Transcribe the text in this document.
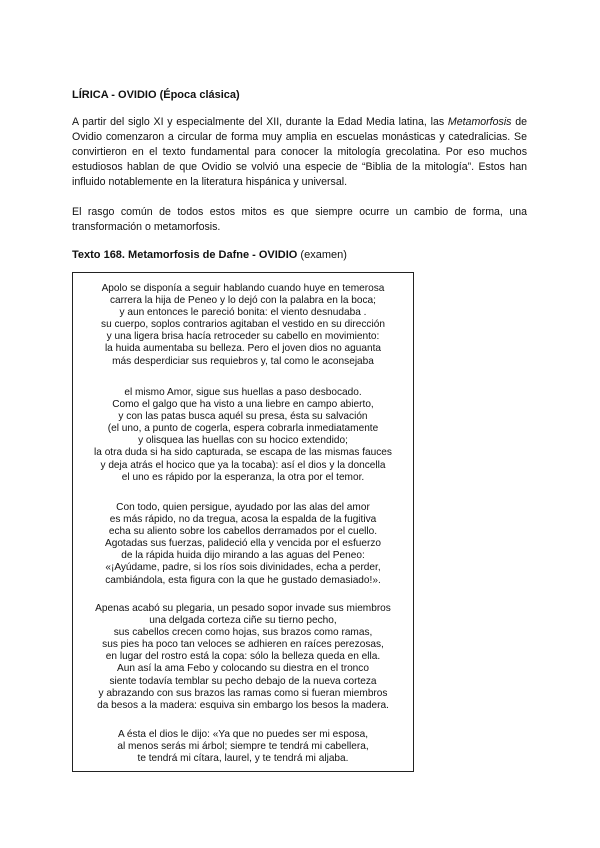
LÍRICA - OVIDIO (Época clásica)
A partir del siglo XI y especialmente del XII, durante la Edad Media latina, las Metamorfosis de Ovidio comenzaron a circular de forma muy amplia en escuelas monásticas y catedralicias. Se convirtieron en el texto fundamental para conocer la mitología grecolatina. Por eso muchos estudiosos hablan de que Ovidio se volvió una especie de “Biblia de la mitología”. Estos han influido notablemente en la literatura hispánica y universal.
El rasgo común de todos estos mitos es que siempre ocurre un cambio de forma, una transformación o metamorfosis.
Texto 168. Metamorfosis de Dafne - OVIDIO (examen)
Apolo se disponía a seguir hablando cuando huye en temerosa
carrera la hija de Peneo y lo dejó con la palabra en la boca;
y aun entonces le pareció bonita: el viento desnudaba .
su cuerpo, soplos contrarios agitaban el vestido en su dirección
y una ligera brisa hacía retroceder su cabello en movimiento:
la huida aumentaba su belleza. Pero el joven dios no aguanta
más desperdiciar sus requiebros y, tal como le aconsejaba
el mismo Amor, sigue sus huellas a paso desbocado.
Como el galgo que ha visto a una liebre en campo abierto,
y con las patas busca aquél su presa, ésta su salvación
(el uno, a punto de cogerla, espera cobrarla inmediatamente
y olisquea las huellas con su hocico extendido;
la otra duda si ha sido capturada, se escapa de las mismas fauces
y deja atrás el hocico que ya la tocaba): así el dios y la doncella
el uno es rápido por la esperanza, la otra por el temor.
Con todo, quien persigue, ayudado por las alas del amor
es más rápido, no da tregua, acosa la espalda de la fugitiva
echa su aliento sobre los cabellos derramados por el cuello.
Agotadas sus fuerzas, palideció ella y vencida por el esfuerzo
de la rápida huida dijo mirando a las aguas del Peneo:
«¡Ayúdame, padre, si los ríos sois divinidades, echa a perder,
cambiándola, esta figura con la que he gustado demasiado!».
Apenas acabó su plegaria, un pesado sopor invade sus miembros
una delgada corteza ciñe su tierno pecho,
sus cabellos crecen como hojas, sus brazos como ramas,
sus pies ha poco tan veloces se adhieren en raíces perezosas,
en lugar del rostro está la copa: sólo la belleza queda en ella.
Aun así la ama Febo y colocando su diestra en el tronco
siente todavía temblar su pecho debajo de la nueva corteza
y abrazando con sus brazos las ramas como si fueran miembros
da besos a la madera: esquiva sin embargo los besos la madera.
A ésta el dios le dijo: «Ya que no puedes ser mi esposa,
al menos serás mi árbol; siempre te tendrá mi cabellera,
te tendrá mi cítara, laurel, y te tendrá mi aljaba.
